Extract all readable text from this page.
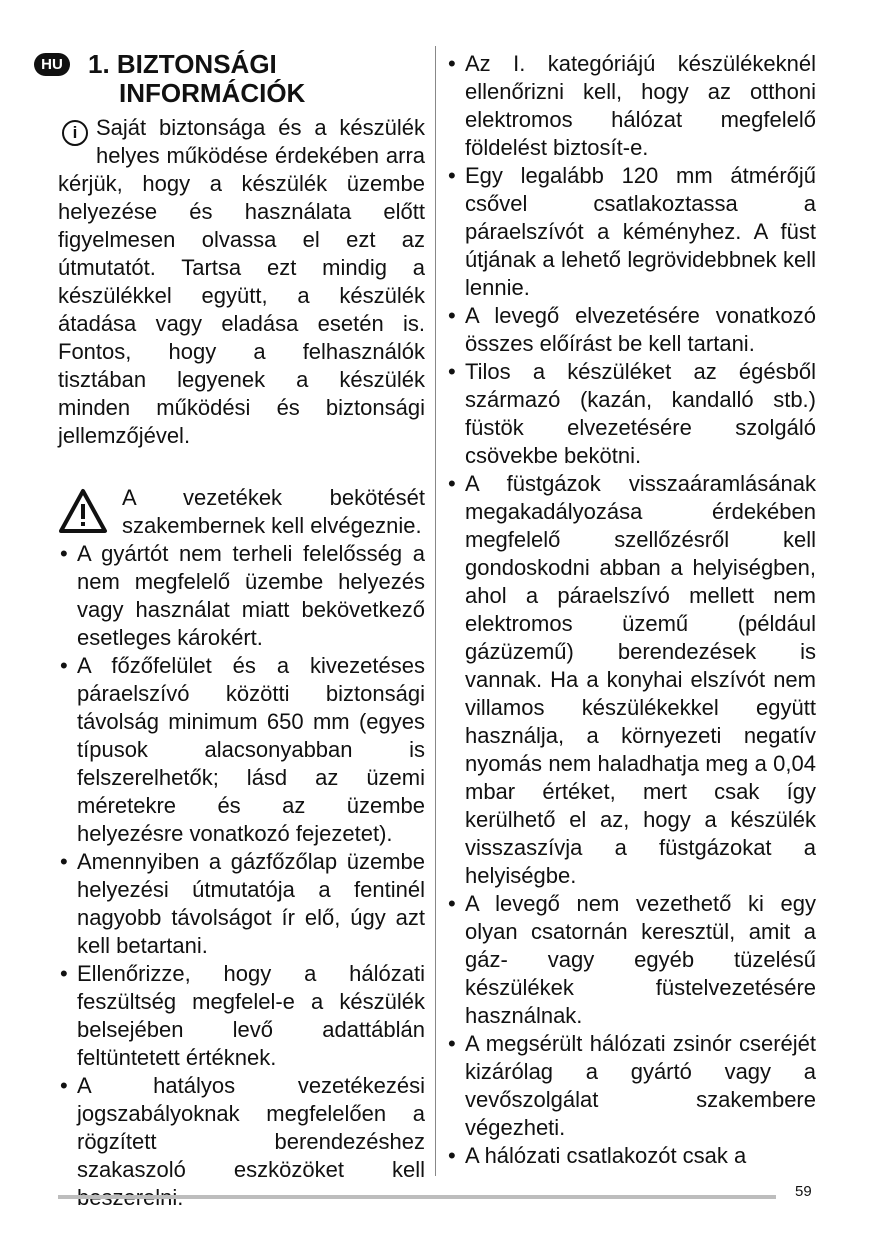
HU 1. BIZTONSÁGI
INFORMÁCIÓK
i Saját biztonsága és a készülék helyes működése érdekében arra kérjük, hogy a készülék üzembe helyezése és használata előtt figyelmesen olvassa el ezt az útmutatót. Tartsa ezt mindig a készülékkel együtt, a készülék átadása vagy eladása esetén is. Fontos, hogy a felhasználók tisztában legyenek a készülék minden működési és biztonsági jellemzőjével.

A vezetékek bekötését szakembernek kell elvégeznie.

• A gyártót nem terheli felelősség a nem megfelelő üzembe helyezés vagy használat miatt bekövetkező esetleges károkért.
• A főzőfelület és a kivezetéses páraelszívó közötti biztonsági távolság minimum 650 mm (egyes típusok alacsonyabban is felszerelhetők; lásd az üzemi méretekre és az üzembe helyezésre vonatkozó fejezetet).
• Amennyiben a gázfőzőlap üzembe helyezési útmutatója a fentinél nagyobb távolságot ír elő, úgy azt kell betartani.
• Ellenőrizze, hogy a hálózati feszültség megfelel-e a készülék belsejében levő adattáblán feltüntetett értéknek.
• A hatályos vezetékezési jogszabályoknak megfelelően a rögzített berendezéshez szakaszoló eszközöket kell
• Az I. kategóriájú készülékeknél ellenőrizni kell, hogy az otthoni elektromos hálózat megfelelő földelést biztosít-e.
• Egy legalább 120 mm átmérőjű csővel csatlakoztassa a páraelszívót a kéményhez. A füst útjának a lehető legrövidebbnek kell lennie.
• A levegő elvezetésére vonatkozó összes előírást be kell tartani.
• Tilos a készüléket az égésből származó (kazán, kandalló stb.) füstök elvezetésére szolgáló csövekbe bekötni.
• A füstgázok visszaáramlásának megakadályozása érdekében megfelelő szellőzésről kell gondoskodni abban a helyiségben, ahol a páraelszívó mellett nem elektromos üzemű (például gázüzemű) berendezések is vannak. Ha a konyhai elszívót nem villamos készülékekkel együtt használja, a környezeti negatív nyomás nem haladhatja meg a 0,04 mbar értéket, mert csak így kerülhető el az, hogy a készülék visszaszívja a füstgázokat a helyiségbe.
• A levegő nem vezethető ki egy olyan csatornán keresztül, amit a gáz- vagy egyéb tüzelésű készülékek füstelvezetésére használnak.
• A megsérült hálózati zsinór cseréjét kizárólag a gyártó vagy a vevőszolgálat szakembere végezheti.
• A hálózati csatlakozót csak a
59
